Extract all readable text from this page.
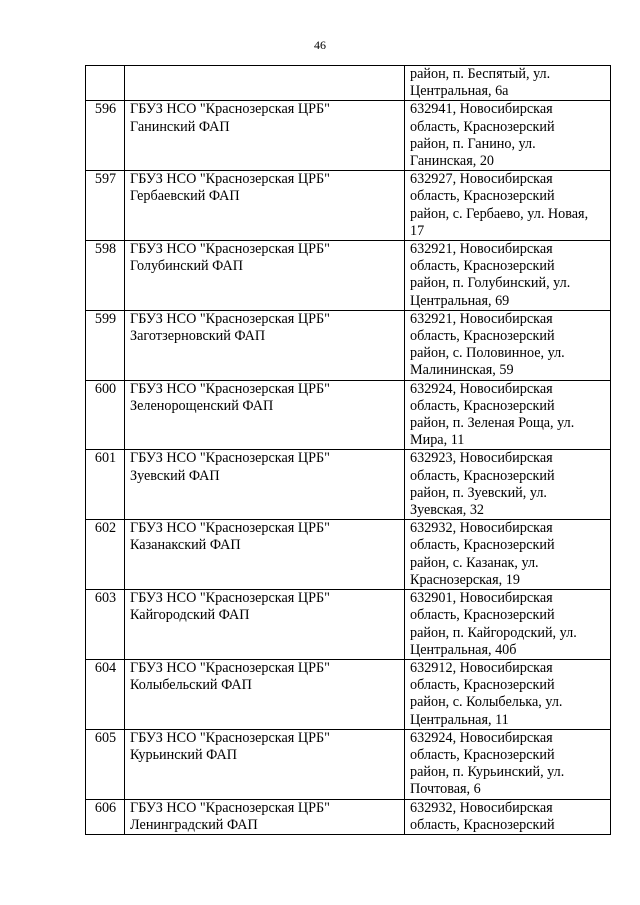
46

		район, п. Беспятый, ул.
Центральная, 6а

596	ГБУЗ НСО "Краснозерская ЦРБ"
Ганинский ФАП	632941, Новосибирская
область, Краснозерский
район, п. Ганино, ул.
Ганинская, 20

597	ГБУЗ НСО "Краснозерская ЦРБ"
Гербаевский ФАП	632927, Новосибирская
область, Краснозерский
район, с. Гербаево, ул. Новая,
17

598	ГБУЗ НСО "Краснозерская ЦРБ"
Голубинский ФАП	632921, Новосибирская
область, Краснозерский
район, п. Голубинский, ул.
Центральная, 69

599	ГБУЗ НСО "Краснозерская ЦРБ"
Заготзерновский ФАП	632921, Новосибирская
область, Краснозерский
район, с. Половинное, ул.
Малининская, 59

600	ГБУЗ НСО "Краснозерская ЦРБ"
Зеленорощенский ФАП	632924, Новосибирская
область, Краснозерский
район, п. Зеленая Роща, ул.
Мира, 11

601	ГБУЗ НСО "Краснозерская ЦРБ"
Зуевский ФАП	632923, Новосибирская
область, Краснозерский
район, п. Зуевский, ул.
Зуевская, 32

602	ГБУЗ НСО "Краснозерская ЦРБ"
Казанакский ФАП	632932, Новосибирская
область, Краснозерский
район, с. Казанак, ул.
Краснозерская, 19

603	ГБУЗ НСО "Краснозерская ЦРБ"
Кайгородский ФАП	632901, Новосибирская
область, Краснозерский
район, п. Кайгородский, ул.
Центральная, 40б

604	ГБУЗ НСО "Краснозерская ЦРБ"
Колыбельский ФАП	632912, Новосибирская
область, Краснозерский
район, с. Колыбелька, ул.
Центральная, 11

605	ГБУЗ НСО "Краснозерская ЦРБ"
Курьинский ФАП	632924, Новосибирская
область, Краснозерский
район, п. Курьинский, ул.
Почтовая, 6

606	ГБУЗ НСО "Краснозерская ЦРБ"
Ленинградский ФАП	632932, Новосибирская
область, Краснозерский
